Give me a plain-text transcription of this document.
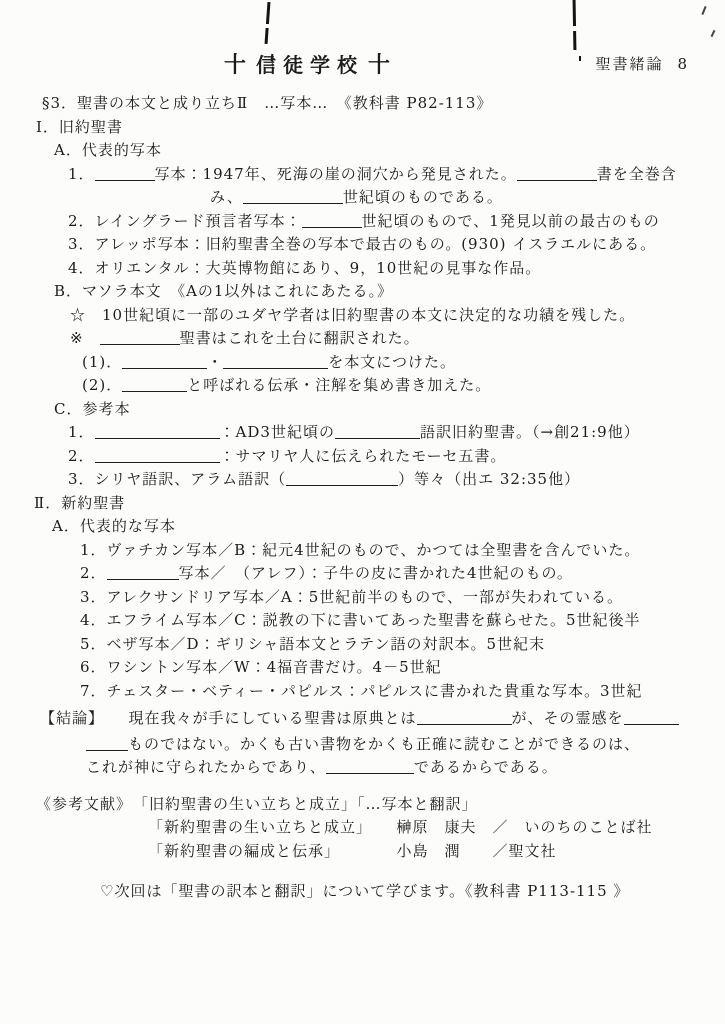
十 信徒学校 十	聖書緒論 8
§3．聖書の本文と成り立ちⅡ　…写本…　《教科書 P82-113》
Ⅰ．旧約聖書
A．代表的写本
1．	写本：1947年、死海の崖の洞穴から発見された。	書を全巻含
み、	世紀頃のものである。
2．レイングラード預言者写本：	世紀頃のもので、1発見以前の最古のもの
3．アレッポ写本：旧約聖書全巻の写本で最古のもの。(930) イスラエルにある。
4．オリエンタル：大英博物館にあり、9，10世紀の見事な作品。
B．マソラ本文　《Aの1以外はこれにあたる。》
☆　10世紀頃に一部のユダヤ学者は旧約聖書の本文に決定的な功績を残した。
※　	聖書はこれを土台に翻訳された。
(1)．	・	を本文につけた。
(2)．	と呼ばれる伝承・注解を集め書き加えた。
C．参考本
1．	：AD3世紀頃の	語訳旧約聖書。（→創21:9他）
2．	：サマリヤ人に伝えられたモーセ五書。
3．シリヤ語訳、アラム語訳（	）等々（出エ 32:35他）
Ⅱ．新約聖書
A．代表的な写本
1．ヴァチカン写本／B：紀元4世紀のもので、かつては全聖書を含んでいた。
2．	写本／　（アレフ）：子牛の皮に書かれた4世紀のもの。
3．アレクサンドリア写本／A：5世紀前半のもので、一部が失われている。
4．エフライム写本／C：説教の下に書いてあった聖書を蘇らせた。5世紀後半
5．ベザ写本／D：ギリシャ語本文とラテン語の対訳本。5世紀末
6．ワシントン写本／W：4福音書だけ。4－5世紀
7．チェスター・ベティー・パピルス：パピルスに書かれた貴重な写本。3世紀
【結論】　　現在我々が手にしている聖書は原典とは	が、その霊感を
ものではない。かくも古い書物をかくも正確に読むことができるのは、
これが神に守られたからであり、	であるからである。
《参考文献》　「旧約聖書の生い立ちと成立」「…写本と翻訳」
「新約聖書の生い立ちと成立」　　榊原　康夫　／　いのちのことば社
「新約聖書の編成と伝承」　　　　小島　潤　　／聖文社
♡次回は「聖書の訳本と翻訳」について学びます。《教科書 P113-115 》
